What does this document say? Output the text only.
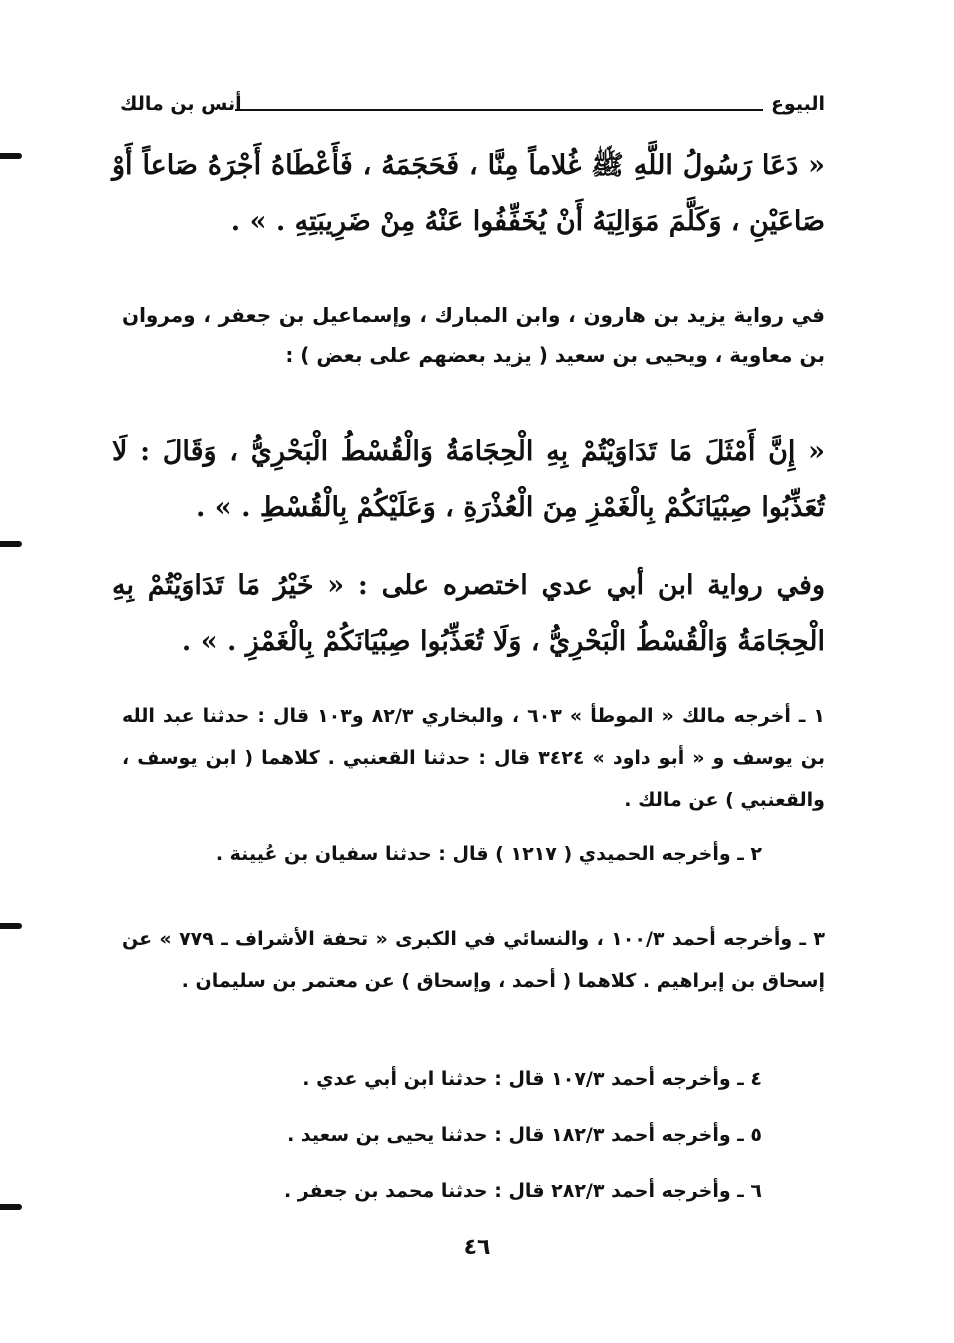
البيوع
أنس بن مالك
« دَعَا رَسُولُ اللَّهِ ﷺ غُلاماً مِنَّا ، فَحَجَمَهُ ، فَأَعْطَاهُ أَجْرَهُ صَاعاً أَوْ صَاعَيْنِ ، وَكَلَّمَ مَوَالِيَهُ أَنْ يُخَفِّفُوا عَنْهُ مِنْ ضَرِيبَتِهِ . » .
في رواية يزيد بن هارون ، وابن المبارك ، وإسماعيل بن جعفر ، ومروان بن معاوية ، ويحيى بن سعيد ( يزيد بعضهم على بعض ) :
« إِنَّ أَمْثَلَ مَا تَدَاوَيْتُمْ بِهِ الْحِجَامَةُ وَالْقُسْطُ الْبَحْرِيُّ ، وَقَالَ : لَا تُعَذِّبُوا صِبْيَانَكُمْ بِالْغَمْزِ مِنَ الْعُذْرَةِ ، وَعَلَيْكُمْ بِالْقُسْطِ . » .
وفي رواية ابن أبي عدي اختصره على : « خَيْرُ مَا تَدَاوَيْتُمْ بِهِ الْحِجَامَةُ وَالْقُسْطُ الْبَحْرِيُّ ، وَلَا تُعَذِّبُوا صِبْيَانَكُمْ بِالْغَمْزِ . » .
١ ـ أخرجه مالك « الموطأ » ٦٠٣ ، والبخاري ٨٢/٣ و١٠٣ قال : حدثنا عبد الله بن يوسف و « أبو داود » ٣٤٢٤ قال : حدثنا القعنبي . كلاهما ( ابن يوسف ، والقعنبي ) عن مالك .
٢ ـ وأخرجه الحميدي ( ١٢١٧ ) قال : حدثنا سفيان بن عُيينة .
٣ ـ وأخرجه أحمد ١٠٠/٣ ، والنسائي في الكبرى « تحفة الأشراف ـ ٧٧٩ » عن إسحاق بن إبراهيم . كلاهما ( أحمد ، وإسحاق ) عن معتمر بن سليمان .
٤ ـ وأخرجه أحمد ١٠٧/٣ قال : حدثنا ابن أبي عدي .
٥ ـ وأخرجه أحمد ١٨٢/٣ قال : حدثنا يحيى بن سعيد .
٦ ـ وأخرجه أحمد ٢٨٢/٣ قال : حدثنا محمد بن جعفر .
٤٦
